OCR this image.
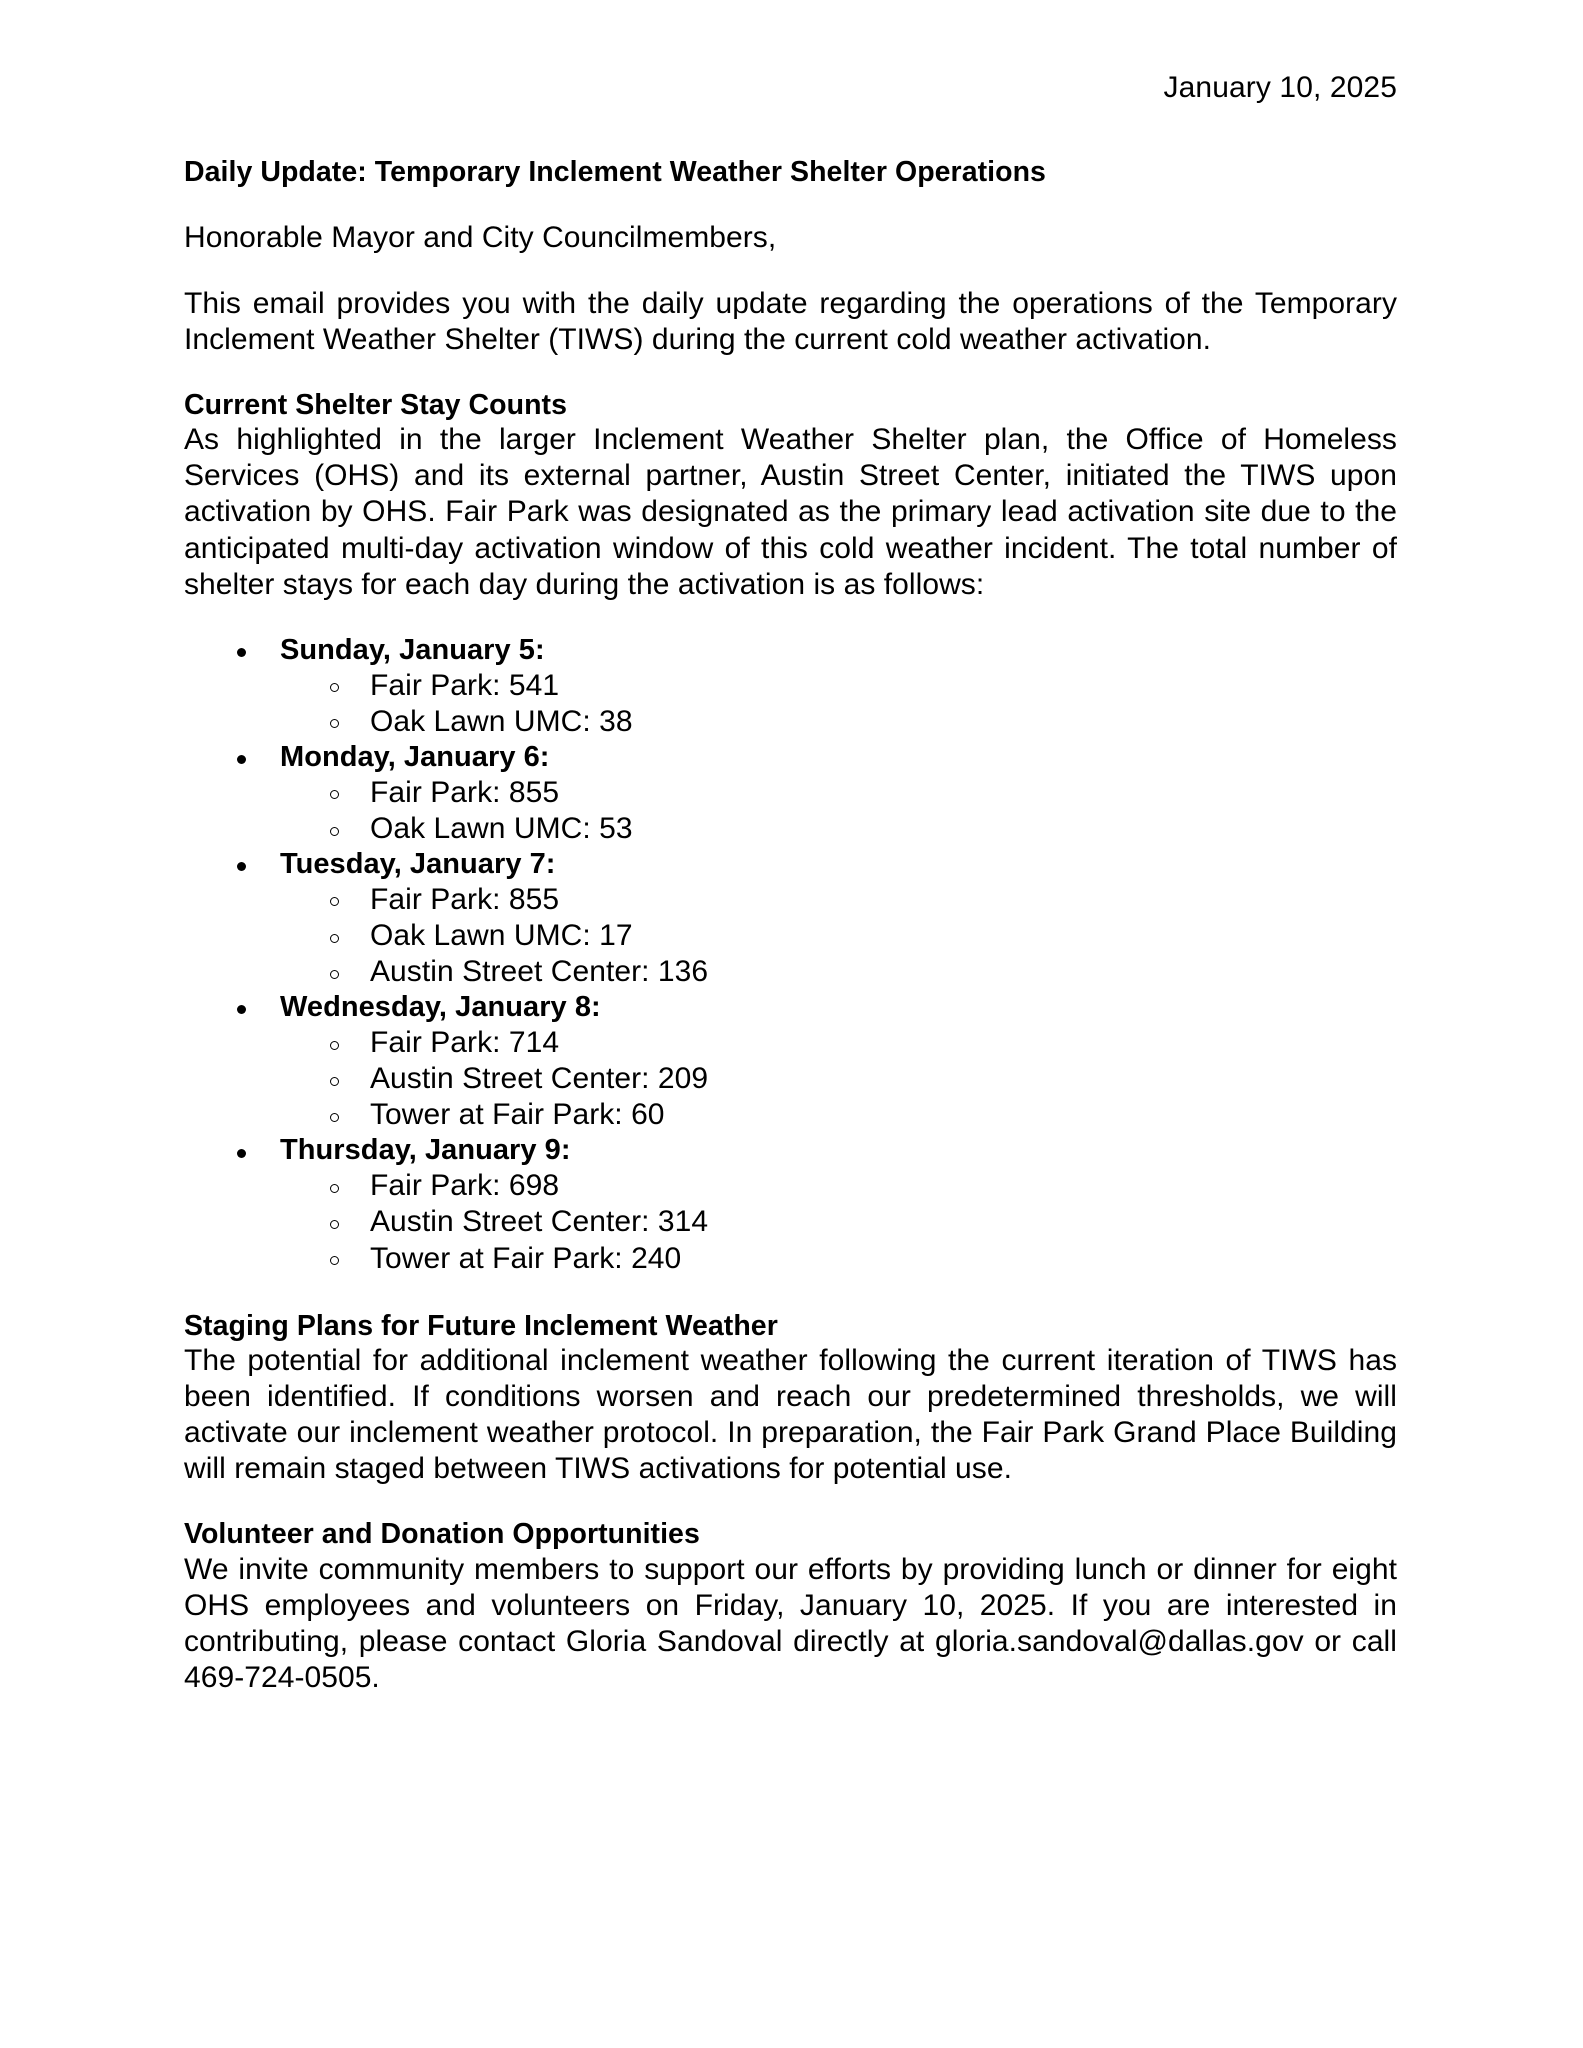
January 10, 2025
Daily Update: Temporary Inclement Weather Shelter Operations

Honorable Mayor and City Councilmembers,

This email provides you with the daily update regarding the operations of the Temporary Inclement Weather Shelter (TIWS) during the current cold weather activation.

Current Shelter Stay Counts

As highlighted in the larger Inclement Weather Shelter plan, the Office of Homeless Services (OHS) and its external partner, Austin Street Center, initiated the TIWS upon activation by OHS. Fair Park was designated as the primary lead activation site due to the anticipated multi-day activation window of this cold weather incident. The total number of shelter stays for each day during the activation is as follows:

Sunday, January 5:
Fair Park: 541
Oak Lawn UMC: 38
Monday, January 6:
Fair Park: 855
Oak Lawn UMC: 53
Tuesday, January 7:
Fair Park: 855
Oak Lawn UMC: 17
Austin Street Center: 136
Wednesday, January 8:
Fair Park: 714
Austin Street Center: 209
Tower at Fair Park: 60
Thursday, January 9:
Fair Park: 698
Austin Street Center: 314
Tower at Fair Park: 240
Staging Plans for Future Inclement Weather

The potential for additional inclement weather following the current iteration of TIWS has been identified. If conditions worsen and reach our predetermined thresholds, we will activate our inclement weather protocol. In preparation, the Fair Park Grand Place Building will remain staged between TIWS activations for potential use.

Volunteer and Donation Opportunities

We invite community members to support our efforts by providing lunch or dinner for eight OHS employees and volunteers on Friday, January 10, 2025. If you are interested in contributing, please contact Gloria Sandoval directly at gloria.sandoval@dallas.gov or call 469-724-0505.
